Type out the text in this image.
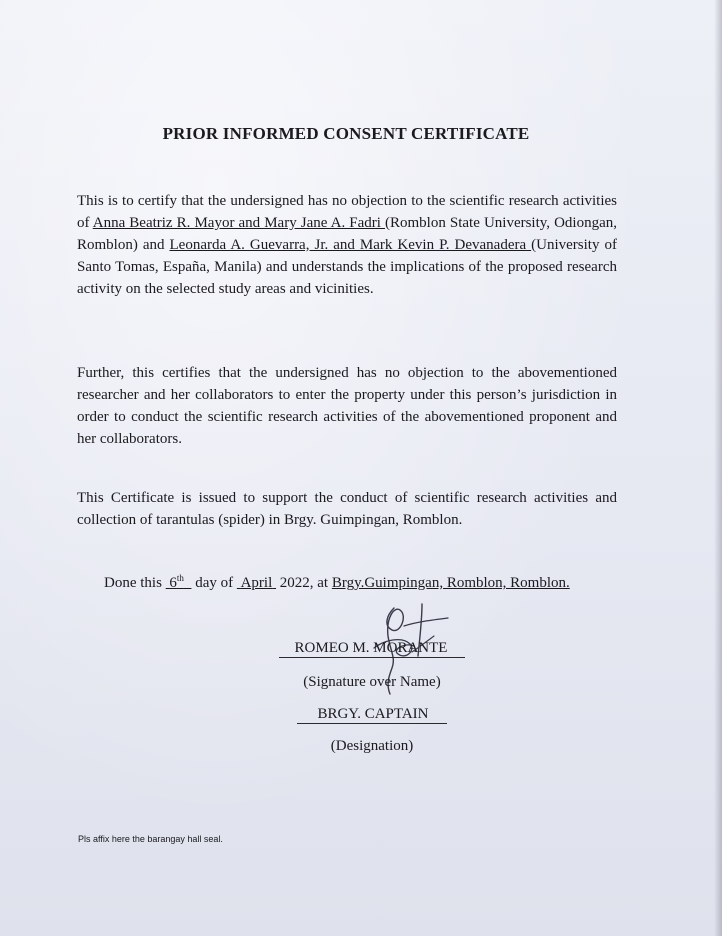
PRIOR INFORMED CONSENT CERTIFICATE
This is to certify that the undersigned has no objection to the scientific research activities of Anna Beatriz R. Mayor and Mary Jane A. Fadri (Romblon State University, Odiongan, Romblon) and Leonarda A. Guevarra, Jr. and Mark Kevin P. Devanadera (University of Santo Tomas, España, Manila) and understands the implications of the proposed research activity on the selected study areas and vicinities.
Further, this certifies that the undersigned has no objection to the abovementioned researcher and her collaborators to enter the property under this person’s jurisdiction in order to conduct the scientific research activities of the abovementioned proponent and her collaborators.
This Certificate is issued to support the conduct of scientific research activities and collection of tarantulas (spider) in Brgy. Guimpingan, Romblon.
Done this  6th   day of  April  2022, at Brgy.Guimpingan, Romblon, Romblon.
ROMEO M. MORANTE
(Signature over Name)
BRGY. CAPTAIN
(Designation)
Pls affix here the barangay hall seal.
